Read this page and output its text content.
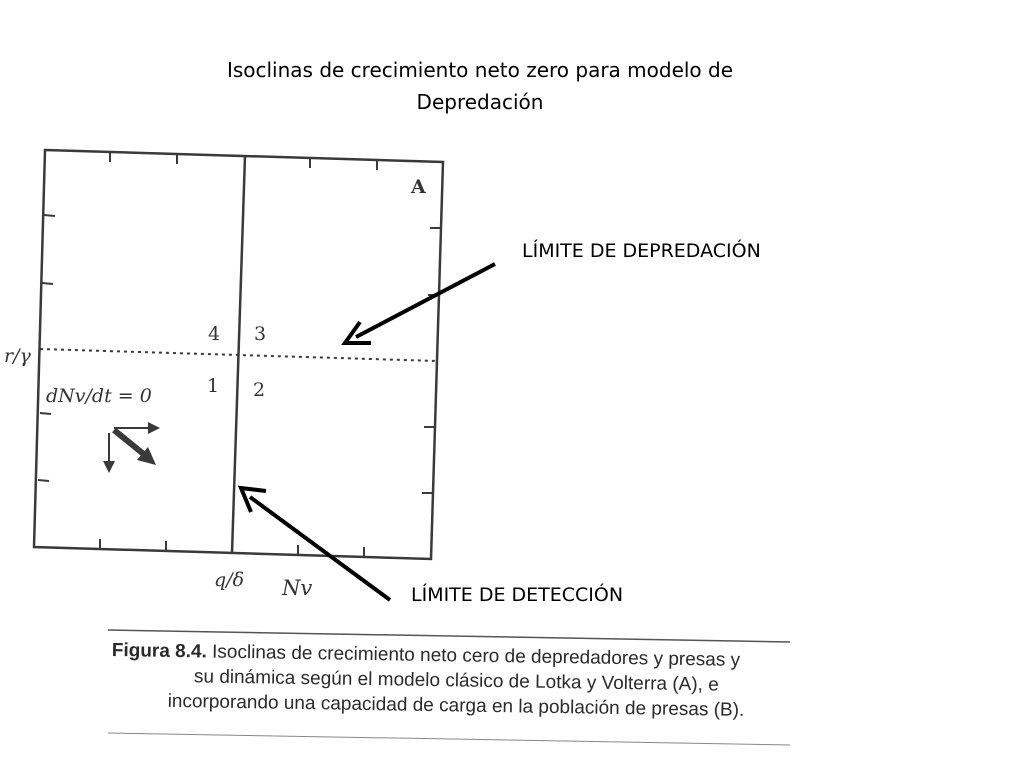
Isoclinas de crecimiento neto zero para modelo de
Depredación
A
4 3
1 2
r/γ
q/δ Nv
dNv/dt = 0
LÍMITE DE DEPREDACIÓN
LÍMITE DE DETECCIÓN
Figura 8.4. Isoclinas de crecimiento neto cero de depredadores y presas y
su dinámica según el modelo clásico de Lotka y Volterra (A), e
incorporando una capacidad de carga en la población de presas (B).
